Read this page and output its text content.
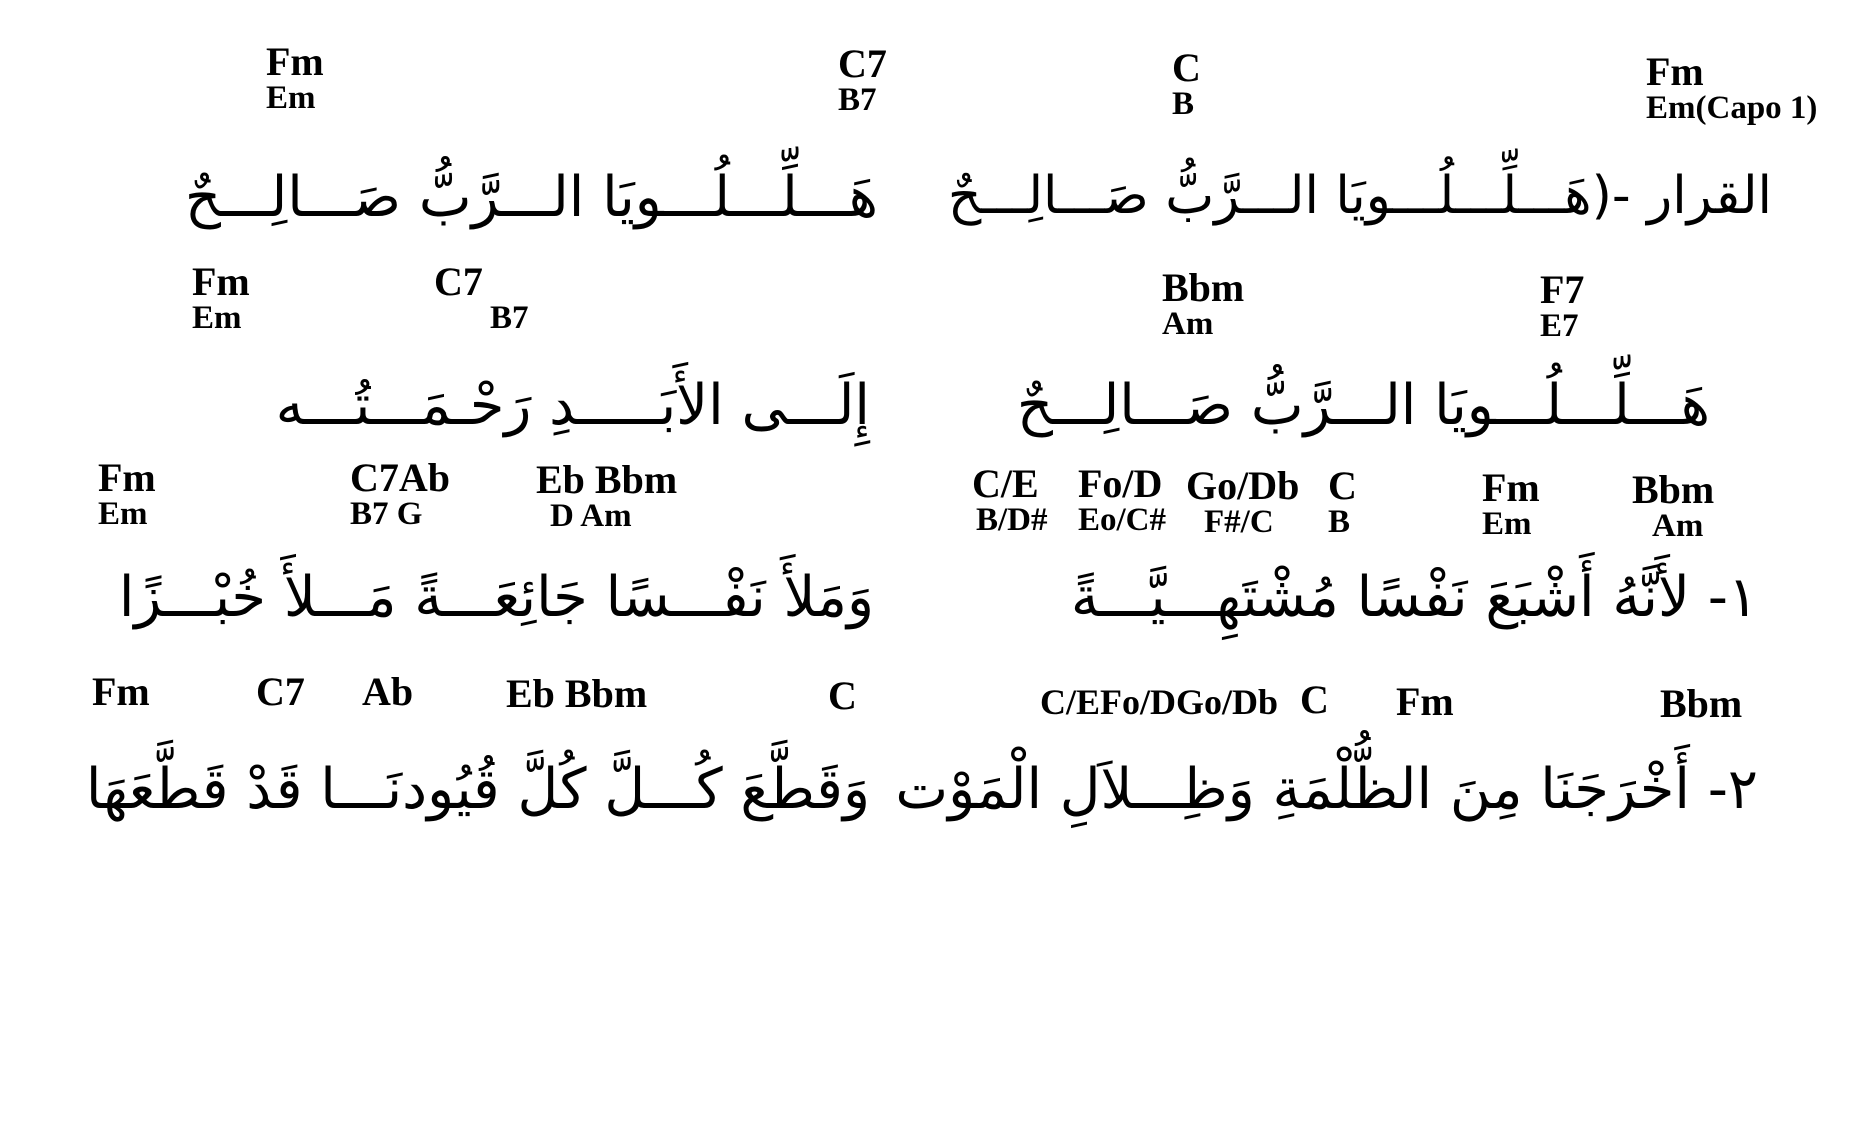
Fm
Em(Capo 1)
C
B
C7
B7
Fm
Em
القرار -(هَـــلِّـــلُـــويَا الـــرَّبُّ صَـــالِـــحٌ
هَـــلِّـــلُـــويَا الـــرَّبُّ صَـــالِـــحٌ
F7
E7
Bbm
Am
C7
B7
Fm
Em
هَـــلِّـــلُـــويَا الـــرَّبُّ صَـــالِـــحٌ
إِلَـــى الأَبَـــــدِ رَحْـمَـــتُـــه
Bbm
Am
Fm
Em
C
B
Go/Db
F#/C
Fo/D
Eo/C#
C/E
B/D#
Eb Bbm
D Am
C7Ab
B7 G
Fm
Em
١- لأَنَّهُ أَشْبَعَ نَفْسًا مُشْتَهِـــيَّـــةً
وَمَلأَ نَفْـــسًا جَائِعَـــةً مَـــلأَ خُبْـــزًا
Bbm
Fm
C
C/EFo/DGo/Db
C
Eb Bbm
Ab
C7
Fm
٢- أَخْرَجَنَا مِنَ الظُّلْمَةِ وَظِـــلاَلِ الْمَوْت
وَقَطَّعَ كُـــلَّ كُلَّ قُيُودنَـــا قَدْ قَطَّعَهَا
